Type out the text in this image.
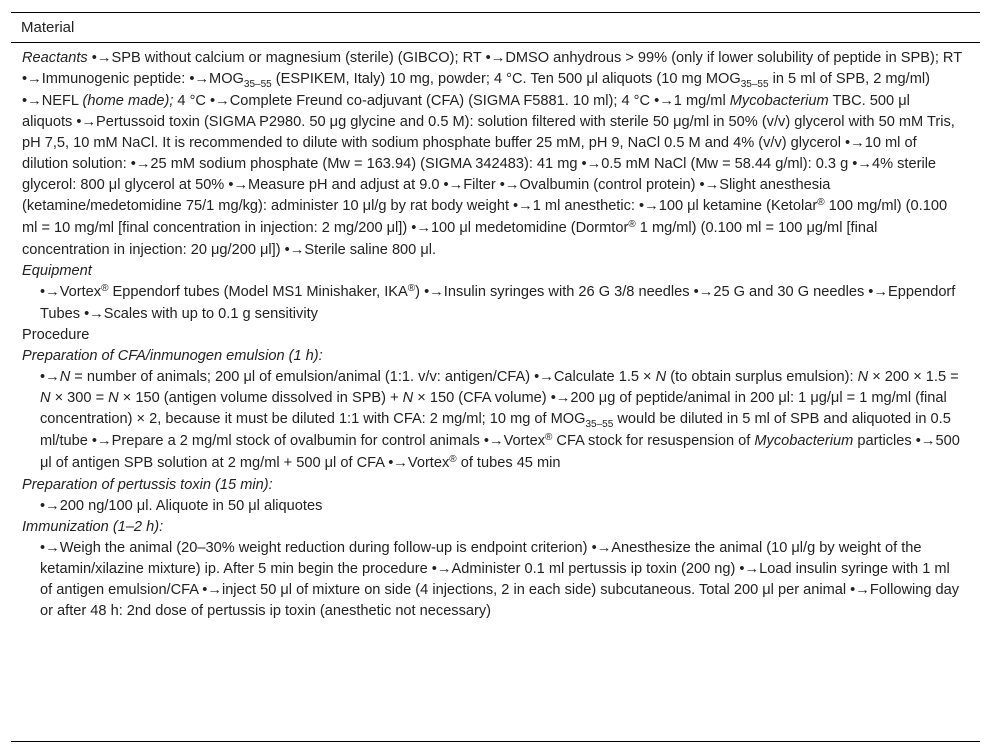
Material

Reactants •→SPB without calcium or magnesium (sterile) (GIBCO); RT •→DMSO anhydrous > 99% (only if lower solubility of peptide in SPB); RT •→Immunogenic peptide: $•\to MOG_{35-55}$ (ESPIKEM, Italy) 10 mg, powder; 4 °C. Ten 500 μl aliquots (10 mg $MOG_{35-55}$ in 5 ml of SPB, 2 mg/ml) •→NEFL (home made); 4 °C •→Complete Freund co-adjuvant (CFA) (SIGMA F5881. 10 ml); 4 °C •→1 mg/ml Mycobacterium TBC. 500 μl aliquots •→Pertussoid toxin (SIGMA P2980. 50 μg glycine and 0.5 M): solution filtered with sterile 50 μg/ml in 50% (v/v) glycerol with 50 mM Tris, pH 7,5, 10 mM NaCl. It is recommended to dilute with sodium phosphate buffer 25 mM, pH 9, NaCl 0.5 M and 4% (v/v) glycerol •→10 ml of dilution solution: •→25 mM sodium phosphate (Mw = 163.94) (SIGMA 342483): 41 mg •→0.5 mM NaCl (Mw = 58.44 g/ml): 0.3 g •→4% sterile glycerol: 800 μl glycerol at 50% •→Measure pH and adjust at 9.0 •→Filter •→Ovalbumin (control protein) •→Slight anesthesia (ketamine/medetomidine 75/1 mg/kg): administer 10 μl/g by rat body weight •→1 ml anesthetic: •→100 μl ketamine (Ketolar® 100 mg/ml) (0.100 ml = 10 mg/ml [final concentration in injection: 2 mg/200 μl]) •→100 μl medetomidine (Dormtor® 1 mg/ml) (0.100 ml = 100 μg/ml [final concentration in injection: 20 μg/200 μl]) •→Sterile saline 800 μl.

Equipment

•→Vortex® Eppendorf tubes (Model MS1 Minishaker, IKA®) •→Insulin syringes with 26 G 3/8 needles •→25 G and 30 G needles •→Eppendorf Tubes •→Scales with up to 0.1 g sensitivity

Procedure

Preparation of CFA/inmunogen emulsion (1 h):

•→N = number of animals; 200 μl of emulsion/animal (1:1. v/v: antigen/CFA) •→Calculate 1.5 × N (to obtain surplus emulsion): N × 200 × 1.5 = N × 300 = N × 150 (antigen volume dissolved in SPB) + N × 150 (CFA volume) •→200 μg of peptide/animal in 200 μl: 1 μg/μl = 1 mg/ml (final concentration) × 2, because it must be diluted 1:1 with CFA: 2 mg/ml; 10 mg of $MOG_{35-55}$ would be diluted in 5 ml of SPB and aliquoted in 0.5 ml/tube •→Prepare a 2 mg/ml stock of ovalbumin for control animals •→Vortex® CFA stock for resuspension of Mycobacterium particles •→500 μl of antigen SPB solution at 2 mg/ml + 500 μl of CFA •→Vortex® of tubes 45 min

Preparation of pertussis toxin (15 min):

•→200 ng/100 μl. Aliquote in 50 μl aliquotes

Immunization (1–2 h):

•→Weigh the animal (20–30% weight reduction during follow-up is endpoint criterion) •→Anesthesize the animal (10 μl/g by weight of the ketamin/xilazine mixture) ip. After 5 min begin the procedure •→Administer 0.1 ml pertussis ip toxin (200 ng) •→Load insulin syringe with 1 ml of antigen emulsion/CFA •→inject 50 μl of mixture on side (4 injections, 2 in each side) subcutaneous. Total 200 μl per animal •→Following day or after 48 h: 2nd dose of pertussis ip toxin (anesthetic not necessary)
